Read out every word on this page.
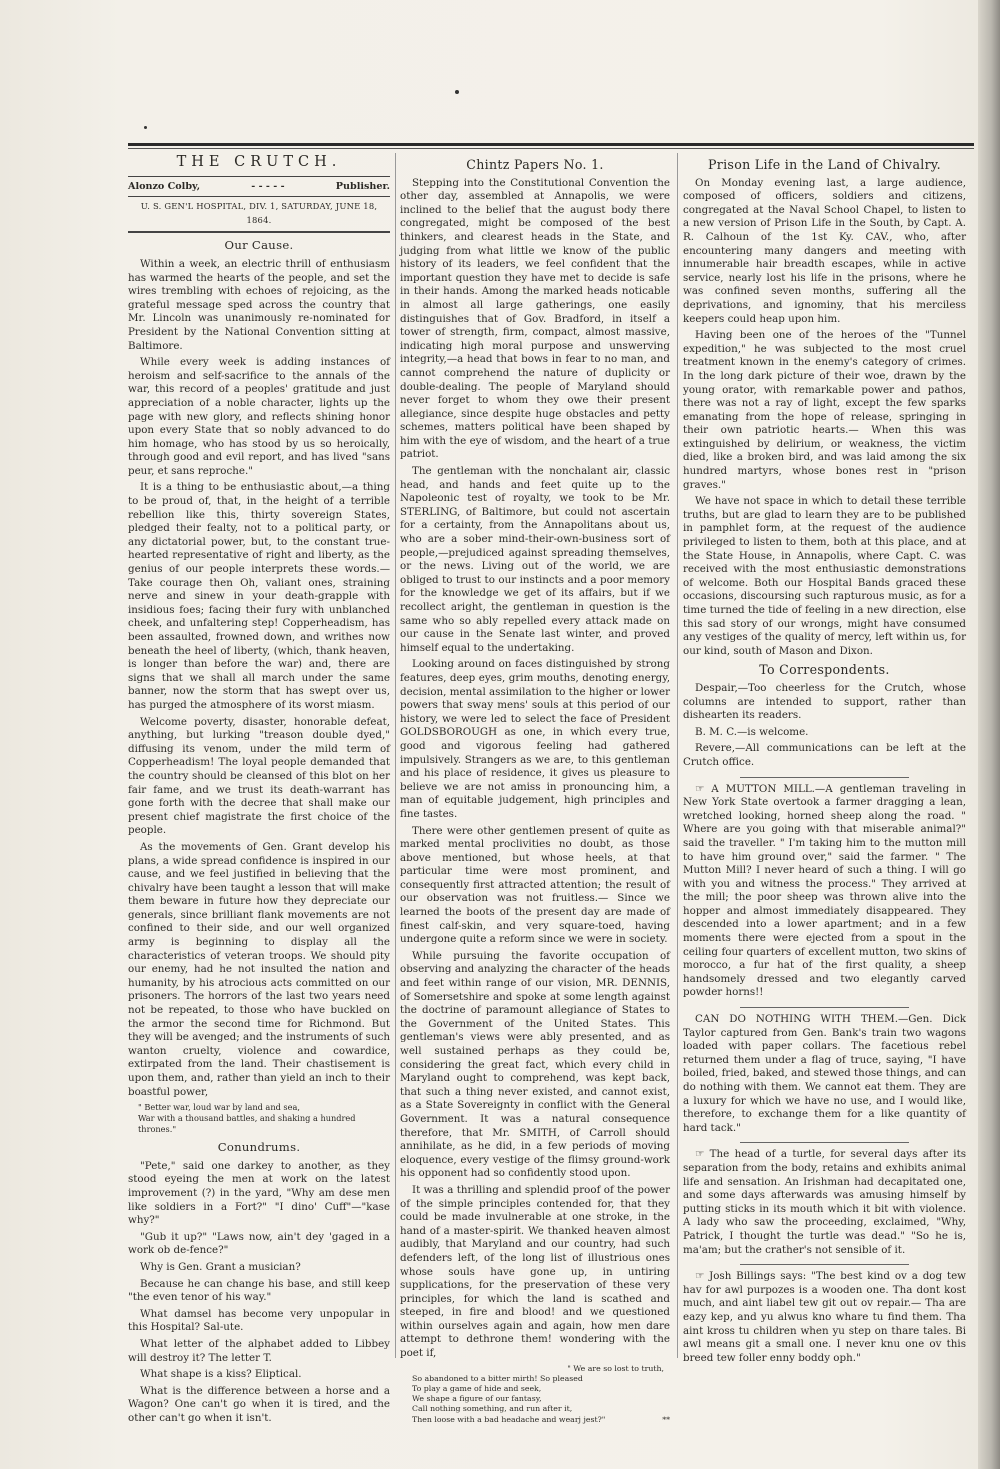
THE CRUTCH.
Alonzo Colby,	- - - - -	Publisher.
U. S. GEN'L HOSPITAL, DIV. 1, SATURDAY, JUNE 18, 1864.
Our Cause.

Within a week, an electric thrill of enthusiasm has warmed the hearts of the people, and set the wires trembling with echoes of rejoicing, as the grateful message sped across the country that Mr. Lincoln was unanimously re-nominated for President by the National Convention sitting at Baltimore.

While every week is adding instances of heroism and self-sacrifice to the annals of the war, this record of a peoples' gratitude and just appreciation of a noble character, lights up the page with new glory, and reflects shining honor upon every State that so nobly advanced to do him homage, who has stood by us so heroically, through good and evil report, and has lived "sans peur, et sans reproche."

It is a thing to be enthusiastic about,—a thing to be proud of, that, in the height of a terrible rebellion like this, thirty sovereign States, pledged their fealty, not to a political party, or any dictatorial power, but, to the constant true-hearted representative of right and liberty, as the genius of our people interprets these words.— Take courage then Oh, valiant ones, straining nerve and sinew in your death-grapple with insidious foes; facing their fury with unblanched cheek, and unfaltering step! Copperheadism, has been assaulted, frowned down, and writhes now beneath the heel of liberty, (which, thank heaven, is longer than before the war) and, there are signs that we shall all march under the same banner, now the storm that has swept over us, has purged the atmosphere of its worst miasm.

Welcome poverty, disaster, honorable defeat, anything, but lurking "treason double dyed," diffusing its venom, under the mild term of Copperheadism! The loyal people demanded that the country should be cleansed of this blot on her fair fame, and we trust its death-warrant has gone forth with the decree that shall make our present chief magistrate the first choice of the people.

As the movements of Gen. Grant develop his plans, a wide spread confidence is inspired in our cause, and we feel justified in believing that the chivalry have been taught a lesson that will make them beware in future how they depreciate our generals, since brilliant flank movements are not confined to their side, and our well organized army is beginning to display all the characteristics of veteran troops. We should pity our enemy, had he not insulted the nation and humanity, by his atrocious acts committed on our prisoners. The horrors of the last two years need not be repeated, to those who have buckled on the armor the second time for Richmond. But they will be avenged; and the instruments of such wanton cruelty, violence and cowardice, extirpated from the land. Their chastisement is upon them, and, rather than yield an inch to their boastful power,

" Better war, loud war by land and sea,
War with a thousand battles, and shaking a hundred thrones."
Conundrums.

"Pete," said one darkey to another, as they stood eyeing the men at work on the latest improvement (?) in the yard, "Why am dese men like soldiers in a Fort?" "I dino' Cuff"—"kase why?"

"Gub it up?" "Laws now, ain't dey 'gaged in a work ob de-fence?"

Why is Gen. Grant a musician?

Because he can change his base, and still keep "the even tenor of his way."

What damsel has become very unpopular in this Hospital? Sal-ute.

What letter of the alphabet added to Libbey will destroy it? The letter T.

What shape is a kiss? Eliptical.

What is the difference between a horse and a Wagon? One can't go when it is tired, and the other can't go when it isn't.

Chintz Papers No. 1.

Stepping into the Constitutional Convention the other day, assembled at Annapolis, we were inclined to the belief that the august body there congregated, might be composed of the best thinkers, and clearest heads in the State, and judging from what little we know of the public history of its leaders, we feel confident that the important question they have met to decide is safe in their hands. Among the marked heads noticable in almost all large gatherings, one easily distinguishes that of Gov. Bradford, in itself a tower of strength, firm, compact, almost massive, indicating high moral purpose and unswerving integrity,—a head that bows in fear to no man, and cannot comprehend the nature of duplicity or double-dealing. The people of Maryland should never forget to whom they owe their present allegiance, since despite huge obstacles and petty schemes, matters political have been shaped by him with the eye of wisdom, and the heart of a true patriot.

The gentleman with the nonchalant air, classic head, and hands and feet quite up to the Napoleonic test of royalty, we took to be Mr. STERLING, of Baltimore, but could not ascertain for a certainty, from the Annapolitans about us, who are a sober mind-their-own-business sort of people,—prejudiced against spreading themselves, or the news. Living out of the world, we are obliged to trust to our instincts and a poor memory for the knowledge we get of its affairs, but if we recollect aright, the gentleman in question is the same who so ably repelled every attack made on our cause in the Senate last winter, and proved himself equal to the undertaking.

Looking around on faces distinguished by strong features, deep eyes, grim mouths, denoting energy, decision, mental assimilation to the higher or lower powers that sway mens' souls at this period of our history, we were led to select the face of President GOLDSBOROUGH as one, in which every true, good and vigorous feeling had gathered impulsively. Strangers as we are, to this gentleman and his place of residence, it gives us pleasure to believe we are not amiss in pronouncing him, a man of equitable judgement, high principles and fine tastes.

There were other gentlemen present of quite as marked mental proclivities no doubt, as those above mentioned, but whose heels, at that particular time were most prominent, and consequently first attracted attention; the result of our observation was not fruitless.— Since we learned the boots of the present day are made of finest calf-skin, and very square-toed, having undergone quite a reform since we were in society.

While pursuing the favorite occupation of observing and analyzing the character of the heads and feet within range of our vision, MR. DENNIS, of Somersetshire and spoke at some length against the doctrine of paramount allegiance of States to the Government of the United States. This gentleman's views were ably presented, and as well sustained perhaps as they could be, considering the great fact, which every child in Maryland ought to comprehend, was kept back, that such a thing never existed, and cannot exist, as a State Sovereignty in conflict with the General Government. It was a natural consequence therefore, that Mr. SMITH, of Carroll should annihilate, as he did, in a few periods of moving eloquence, every vestige of the flimsy ground-work his opponent had so confidently stood upon.

It was a thrilling and splendid proof of the power of the simple principles contended for, that they could be made invulnerable at one stroke, in the hand of a master-spirit. We thanked heaven almost audibly, that Maryland and our country, had such defenders left, of the long list of illustrious ones whose souls have gone up, in untiring supplications, for the preservation of these very principles, for which the land is scathed and steeped, in fire and blood! and we questioned within ourselves again and again, how men dare attempt to dethrone them! wondering with the poet if,

" We are so lost to truth,
So abandoned to a bitter mirth! So pleased
To play a game of hide and seek,
We shape a figure of our fantasy,
Call nothing something, and run after it,
Then loose with a bad headache and wearj jest?"	**
Prison Life in the Land of Chivalry.

On Monday evening last, a large audience, composed of officers, soldiers and citizens, congregated at the Naval School Chapel, to listen to a new version of Prison Life in the South, by Capt. A. R. Calhoun of the 1st Ky. CAV., who, after encountering many dangers and meeting with innumerable hair breadth escapes, while in active service, nearly lost his life in the prisons, where he was confined seven months, suffering all the deprivations, and ignominy, that his merciless keepers could heap upon him.

Having been one of the heroes of the "Tunnel expedition," he was subjected to the most cruel treatment known in the enemy's category of crimes. In the long dark picture of their woe, drawn by the young orator, with remarkable power and pathos, there was not a ray of light, except the few sparks emanating from the hope of release, springing in their own patriotic hearts.— When this was extinguished by delirium, or weakness, the victim died, like a broken bird, and was laid among the six hundred martyrs, whose bones rest in "prison graves."

We have not space in which to detail these terrible truths, but are glad to learn they are to be published in pamphlet form, at the request of the audience privileged to listen to them, both at this place, and at the State House, in Annapolis, where Capt. C. was received with the most enthusiastic demonstrations of welcome. Both our Hospital Bands graced these occasions, discoursing such rapturous music, as for a time turned the tide of feeling in a new direction, else this sad story of our wrongs, might have consumed any vestiges of the quality of mercy, left within us, for our kind, south of Mason and Dixon.

To Correspondents.

Despair,—Too cheerless for the Crutch, whose columns are intended to support, rather than dishearten its readers.

B. M. C.—is welcome.

Revere,—All communications can be left at the Crutch office.

☞ A MUTTON MILL.—A gentleman traveling in New York State overtook a farmer dragging a lean, wretched looking, horned sheep along the road. " Where are you going with that miserable animal?" said the traveller. " I'm taking him to the mutton mill to have him ground over," said the farmer. " The Mutton Mill? I never heard of such a thing. I will go with you and witness the process." They arrived at the mill; the poor sheep was thrown alive into the hopper and almost immediately disappeared. They descended into a lower apartment; and in a few moments there were ejected from a spout in the ceiling four quarters of excellent mutton, two skins of morocco, a fur hat of the first quality, a sheep handsomely dressed and two elegantly carved powder horns!!

CAN DO NOTHING WITH THEM.—Gen. Dick Taylor captured from Gen. Bank's train two wagons loaded with paper collars. The facetious rebel returned them under a flag of truce, saying, "I have boiled, fried, baked, and stewed those things, and can do nothing with them. We cannot eat them. They are a luxury for which we have no use, and I would like, therefore, to exchange them for a like quantity of hard tack."

☞ The head of a turtle, for several days after its separation from the body, retains and exhibits animal life and sensation. An Irishman had decapitated one, and some days afterwards was amusing himself by putting sticks in its mouth which it bit with violence. A lady who saw the proceeding, exclaimed, "Why, Patrick, I thought the turtle was dead." "So he is, ma'am; but the crather's not sensible of it.

☞ Josh Billings says: "The best kind ov a dog tew hav for awl purpozes is a wooden one. Tha dont kost much, and aint liabel tew git out ov repair.— Tha are eazy kep, and yu alwus kno whare tu find them. Tha aint kross tu children when yu step on thare tales. Bi awl means git a small one. I never knu one ov this breed tew foller enny boddy oph."
